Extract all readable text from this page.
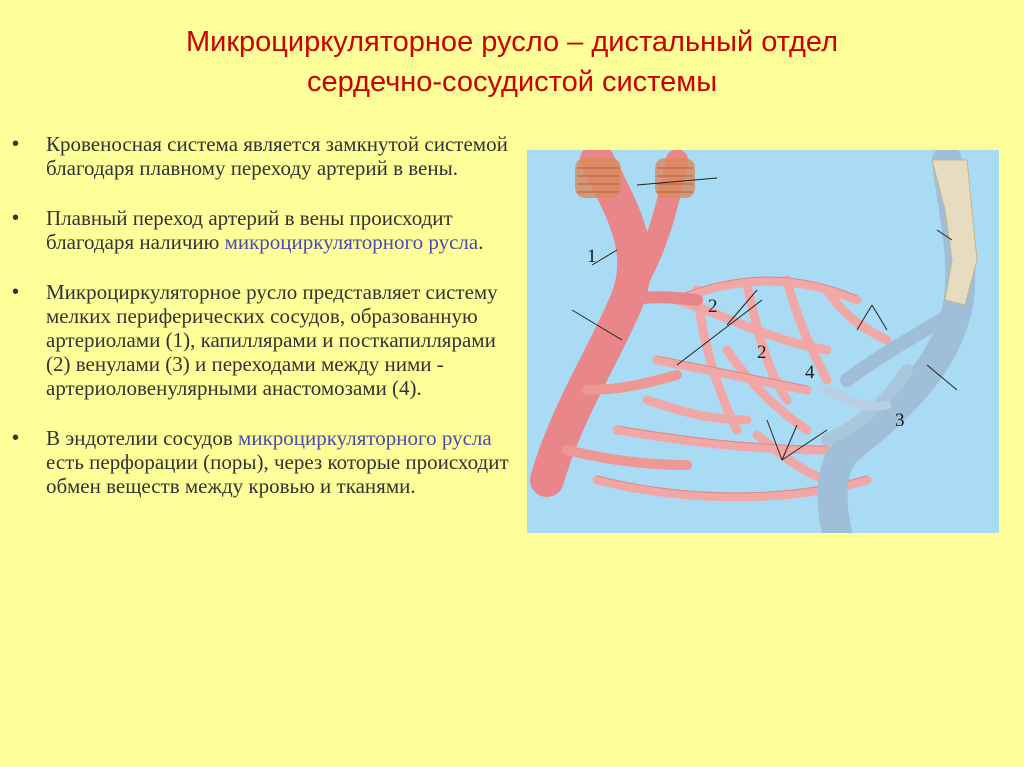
Микроциркуляторное русло – дистальный отдел
сердечно-сосудистой системы
• Кровеносная система является замкнутой системой благодаря плавному переходу артерий в вены.
• Плавный переход артерий в вены происходит благодаря наличию микроциркуляторного русла.
• Микроциркуляторное русло представляет систему мелких периферических сосудов, образованную артериолами (1), капиллярами и посткапиллярами (2) венулами (3) и переходами между ними - артериоловенулярными анастомозами (4).
• В эндотелии сосудов микроциркуляторного русла есть перфорации (поры), через которые происходит обмен веществ между кровью и тканями.
1
2
2
4
3
